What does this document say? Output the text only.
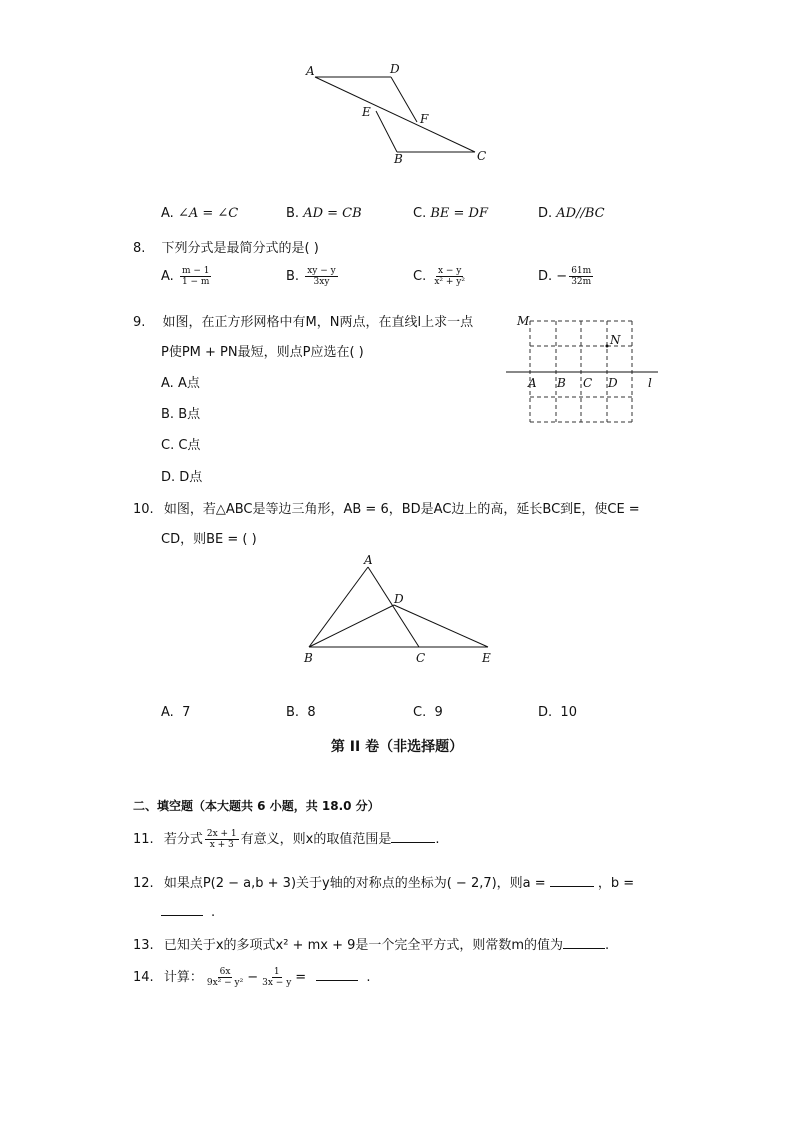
A	D
E	F
B	C
A. ∠A = ∠C	B. AD = CB	C. BE = DF	D. AD//BC
8. 下列分式是最简分式的是( )
A. $\frac{m - 1}{1 - m}$	B. $\frac{xy - y}{3xy}$	C. $\frac{x - y}{\text{x² + y²}}$	D. − $\frac{61m}{32m}$
9. 如图，在正方形网格中有M，N两点，在直线l上求一点
P使PM + PN最短，则点P应选在( )
A. A点
B. B点
C. C点
D. D点
M
N
A B C D	l
10. 如图，若△ABC是等边三角形，AB = 6，BD是AC边上的高，延长BC到E，使CE =
CD，则BE = ( )
A
D
B	C	E
A. 7	B. 8	C. 9	D. 10
第 II 卷（非选择题）
二、填空题（本大题共 6 小题，共 18.0 分）
11. 若分式 $\frac{2x + 1}{x + 3}$ 有意义，则x的取值范围是	.
12. 如果点P(2 − a,b + 3)关于y轴的对称点的坐标为( − 2,7)，则a =	，b =
.
13. 已知关于x的多项式x² + mx + 9是一个完全平方式，则常数m的值为	.
14. 计算： $\frac{6x}{\text{9x² − y²}} - \frac{1}{3x - y}$ =	.
